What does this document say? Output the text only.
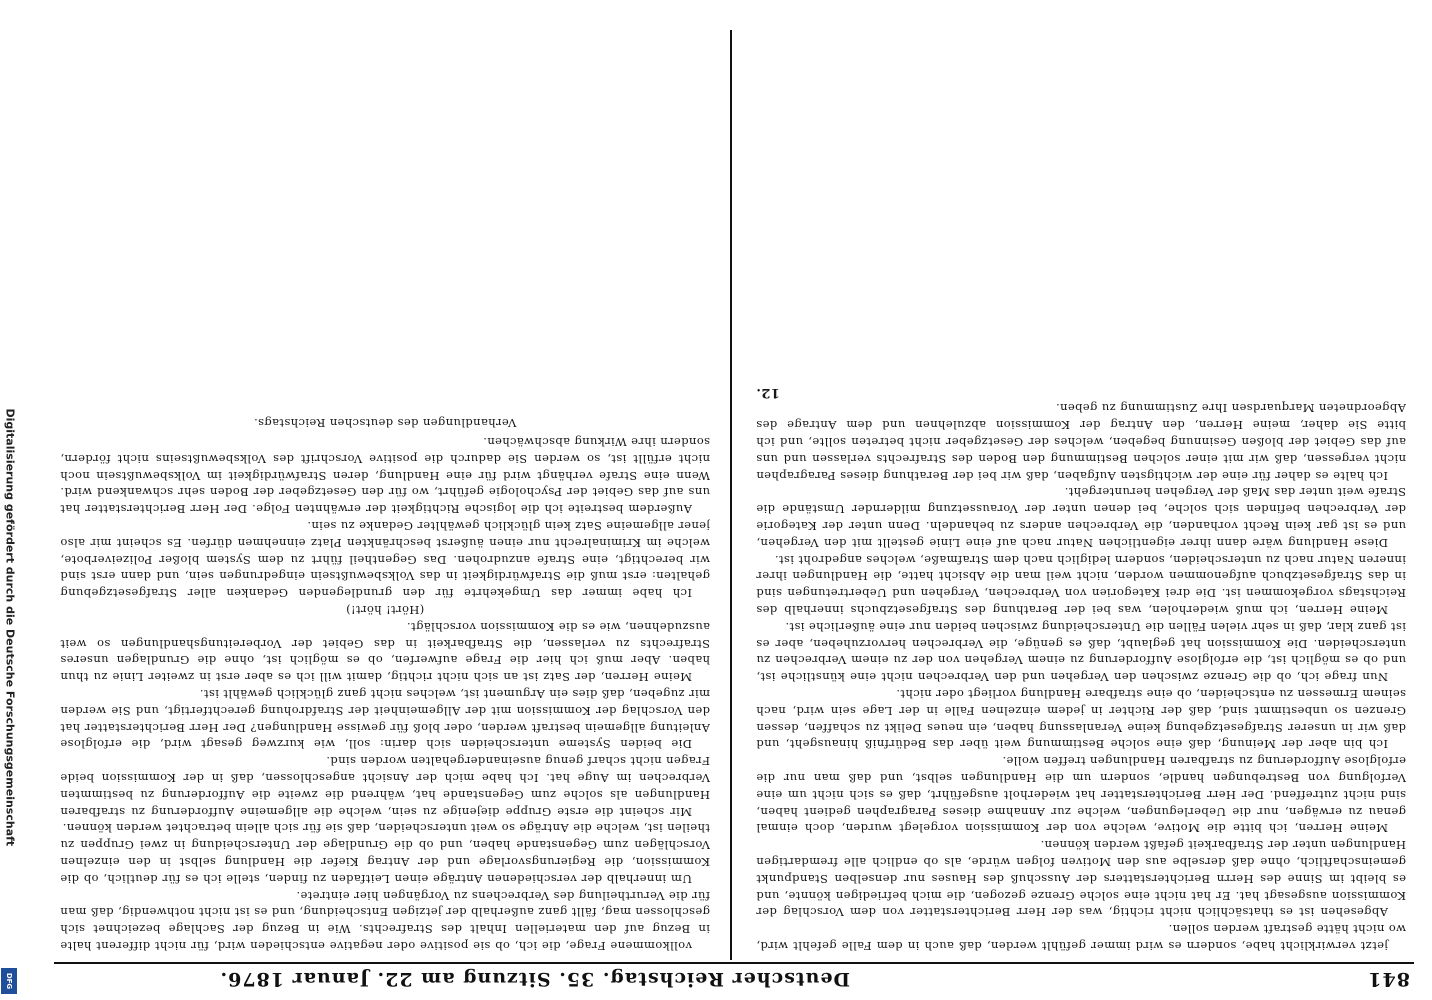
841
Deutscher Reichstag. 35. Sitzung am 22. Januar 1876.

jetzt verwirklicht habe, sondern es wird immer gefühlt werden, daß auch in dem Falle gefehlt wird, wo nicht hätte gestraft werden sollen.

Abgesehen ist es thatsächlich nicht richtig, was der Herr Berichterstatter von dem Vorschlag der Kommission ausgesagt hat. Er hat nicht eine solche Grenze gezogen, die mich befriedigen könnte, und es bleibt im Sinne des Herrn Berichterstatters der Ausschuß des Hauses nur denselben Standpunkt gemeinschaftlich, ohne daß derselbe aus den Motiven folgen würde, als ob endlich alle fremdartigen Handlungen unter der Strafbarkeit gefaßt werden können.

Meine Herren, ich bitte die Motive, welche von der Kommission vorgelegt wurden, doch einmal genau zu erwägen, nur die Ueberlegungen, welche zur Annahme dieses Paragraphen gedient haben, sind nicht zutreffend. Der Herr Berichterstatter hat wiederholt ausgeführt, daß es sich nicht um eine Verfolgung von Bestrebungen handle, sondern um die Handlungen selbst, und daß man nur die erfolglose Aufforderung zu strafbaren Handlungen treffen wolle.

Ich bin aber der Meinung, daß eine solche Bestimmung weit über das Bedürfniß hinausgeht, und daß wir in unserer Strafgesetzgebung keine Veranlassung haben, ein neues Delikt zu schaffen, dessen Grenzen so unbestimmt sind, daß der Richter in jedem einzelnen Falle in der Lage sein wird, nach seinem Ermessen zu entscheiden, ob eine strafbare Handlung vorliegt oder nicht.

Nun frage ich, ob die Grenze zwischen den Vergehen und den Verbrechen nicht eine künstliche ist, und ob es möglich ist, die erfolglose Aufforderung zu einem Vergehen von der zu einem Verbrechen zu unterscheiden. Die Kommission hat geglaubt, daß es genüge, die Verbrechen hervorzuheben, aber es ist ganz klar, daß in sehr vielen Fällen die Unterscheidung zwischen beiden nur eine äußerliche ist.

Meine Herren, ich muß wiederholen, was bei der Berathung des Strafgesetzbuchs innerhalb des Reichstags vorgekommen ist. Die drei Kategorien von Verbrechen, Vergehen und Uebertretungen sind in das Strafgesetzbuch aufgenommen worden, nicht weil man die Absicht hatte, die Handlungen ihrer inneren Natur nach zu unterscheiden, sondern lediglich nach dem Strafmaße, welches angedroht ist.

Diese Handlung wäre dann ihrer eigentlichen Natur nach auf eine Linie gestellt mit den Vergehen, und es ist gar kein Recht vorhanden, die Verbrechen anders zu behandeln. Denn unter der Kategorie der Verbrechen befinden sich solche, bei denen unter der Voraussetzung mildernder Umstände die Strafe weit unter das Maß der Vergehen heruntergeht.

Ich halte es daher für eine der wichtigsten Aufgaben, daß wir bei der Berathung dieses Paragraphen nicht vergessen, daß wir mit einer solchen Bestimmung den Boden des Strafrechts verlassen und uns auf das Gebiet der bloßen Gesinnung begeben, welches der Gesetzgeber nicht betreten sollte, und ich bitte Sie daher, meine Herren, den Antrag der Kommission abzulehnen und dem Antrage des Abgeordneten Marquardsen Ihre Zustimmung zu geben.

12.

vollkommene Frage, die ich, ob sie positive oder negative entschieden wird, für nicht different halte in Bezug auf den materiellen Inhalt des Strafrechts. Wie in Bezug der Sachlage bezeichnet sich geschlossen mag, fällt ganz außerhalb der jetzigen Entscheidung, und es ist nicht nothwendig, daß man für die Verurtheilung des Verbrechens zu Vorgängen hier eintrete.

Um innerhalb der verschiedenen Anträge einen Leitfaden zu finden, stelle ich es für deutlich, ob die Kommission, die Regierungsvorlage und der Antrag Kiefer die Handlung selbst in den einzelnen Vorschlägen zum Gegenstande haben, und ob die Grundlage der Unterscheidung in zwei Gruppen zu theilen ist, welche die Anträge so weit unterscheiden, daß sie für sich allein betrachtet werden können.

Mir scheint die erste Gruppe diejenige zu sein, welche die allgemeine Aufforderung zu strafbaren Handlungen als solche zum Gegenstande hat, während die zweite die Aufforderung zu bestimmten Verbrechen im Auge hat. Ich habe mich der Ansicht angeschlossen, daß in der Kommission beide Fragen nicht scharf genug auseinandergehalten worden sind.

Die beiden Systeme unterscheiden sich darin: soll, wie kurzweg gesagt wird, die erfolglose Anleitung allgemein bestraft werden, oder bloß für gewisse Handlungen? Der Herr Berichterstatter hat den Vorschlag der Kommission mit der Allgemeinheit der Strafdrohung gerechtfertigt, und Sie werden mir zugeben, daß dies ein Argument ist, welches nicht ganz glücklich gewählt ist.

Meine Herren, der Satz ist an sich nicht richtig, damit will ich es aber erst in zweiter Linie zu thun haben. Aber muß ich hier die Frage aufwerfen, ob es möglich ist, ohne die Grundlagen unseres Strafrechts zu verlassen, die Strafbarkeit in das Gebiet der Vorbereitungshandlungen so weit auszudehnen, wie es die Kommission vorschlägt.

(Hört! hört!)

Ich habe immer das Umgekehrte für den grundlegenden Gedanken aller Strafgesetzgebung gehalten: erst muß die Strafwürdigkeit in das Volksbewußtsein eingedrungen sein, und dann erst sind wir berechtigt, eine Strafe anzudrohen. Das Gegentheil führt zu dem System bloßer Polizeiverbote, welche im Kriminalrecht nur einen äußerst beschränkten Platz einnehmen dürfen. Es scheint mir also jener allgemeine Satz kein glücklich gewählter Gedanke zu sein.

Außerdem bestreite ich die logische Richtigkeit der erwähnten Folge. Der Herr Berichterstatter hat uns auf das Gebiet der Psychologie geführt, wo für den Gesetzgeber der Boden sehr schwankend wird. Wenn eine Strafe verhängt wird für eine Handlung, deren Strafwürdigkeit im Volksbewußtsein noch nicht erfüllt ist, so werden Sie dadurch die positive Vorschrift des Volksbewußtseins nicht fördern, sondern ihre Wirkung abschwächen.

Verhandlungen des deutschen Reichstags.

Digitalisierung gefördert durch die Deutsche Forschungsgemeinschaft
DFG
